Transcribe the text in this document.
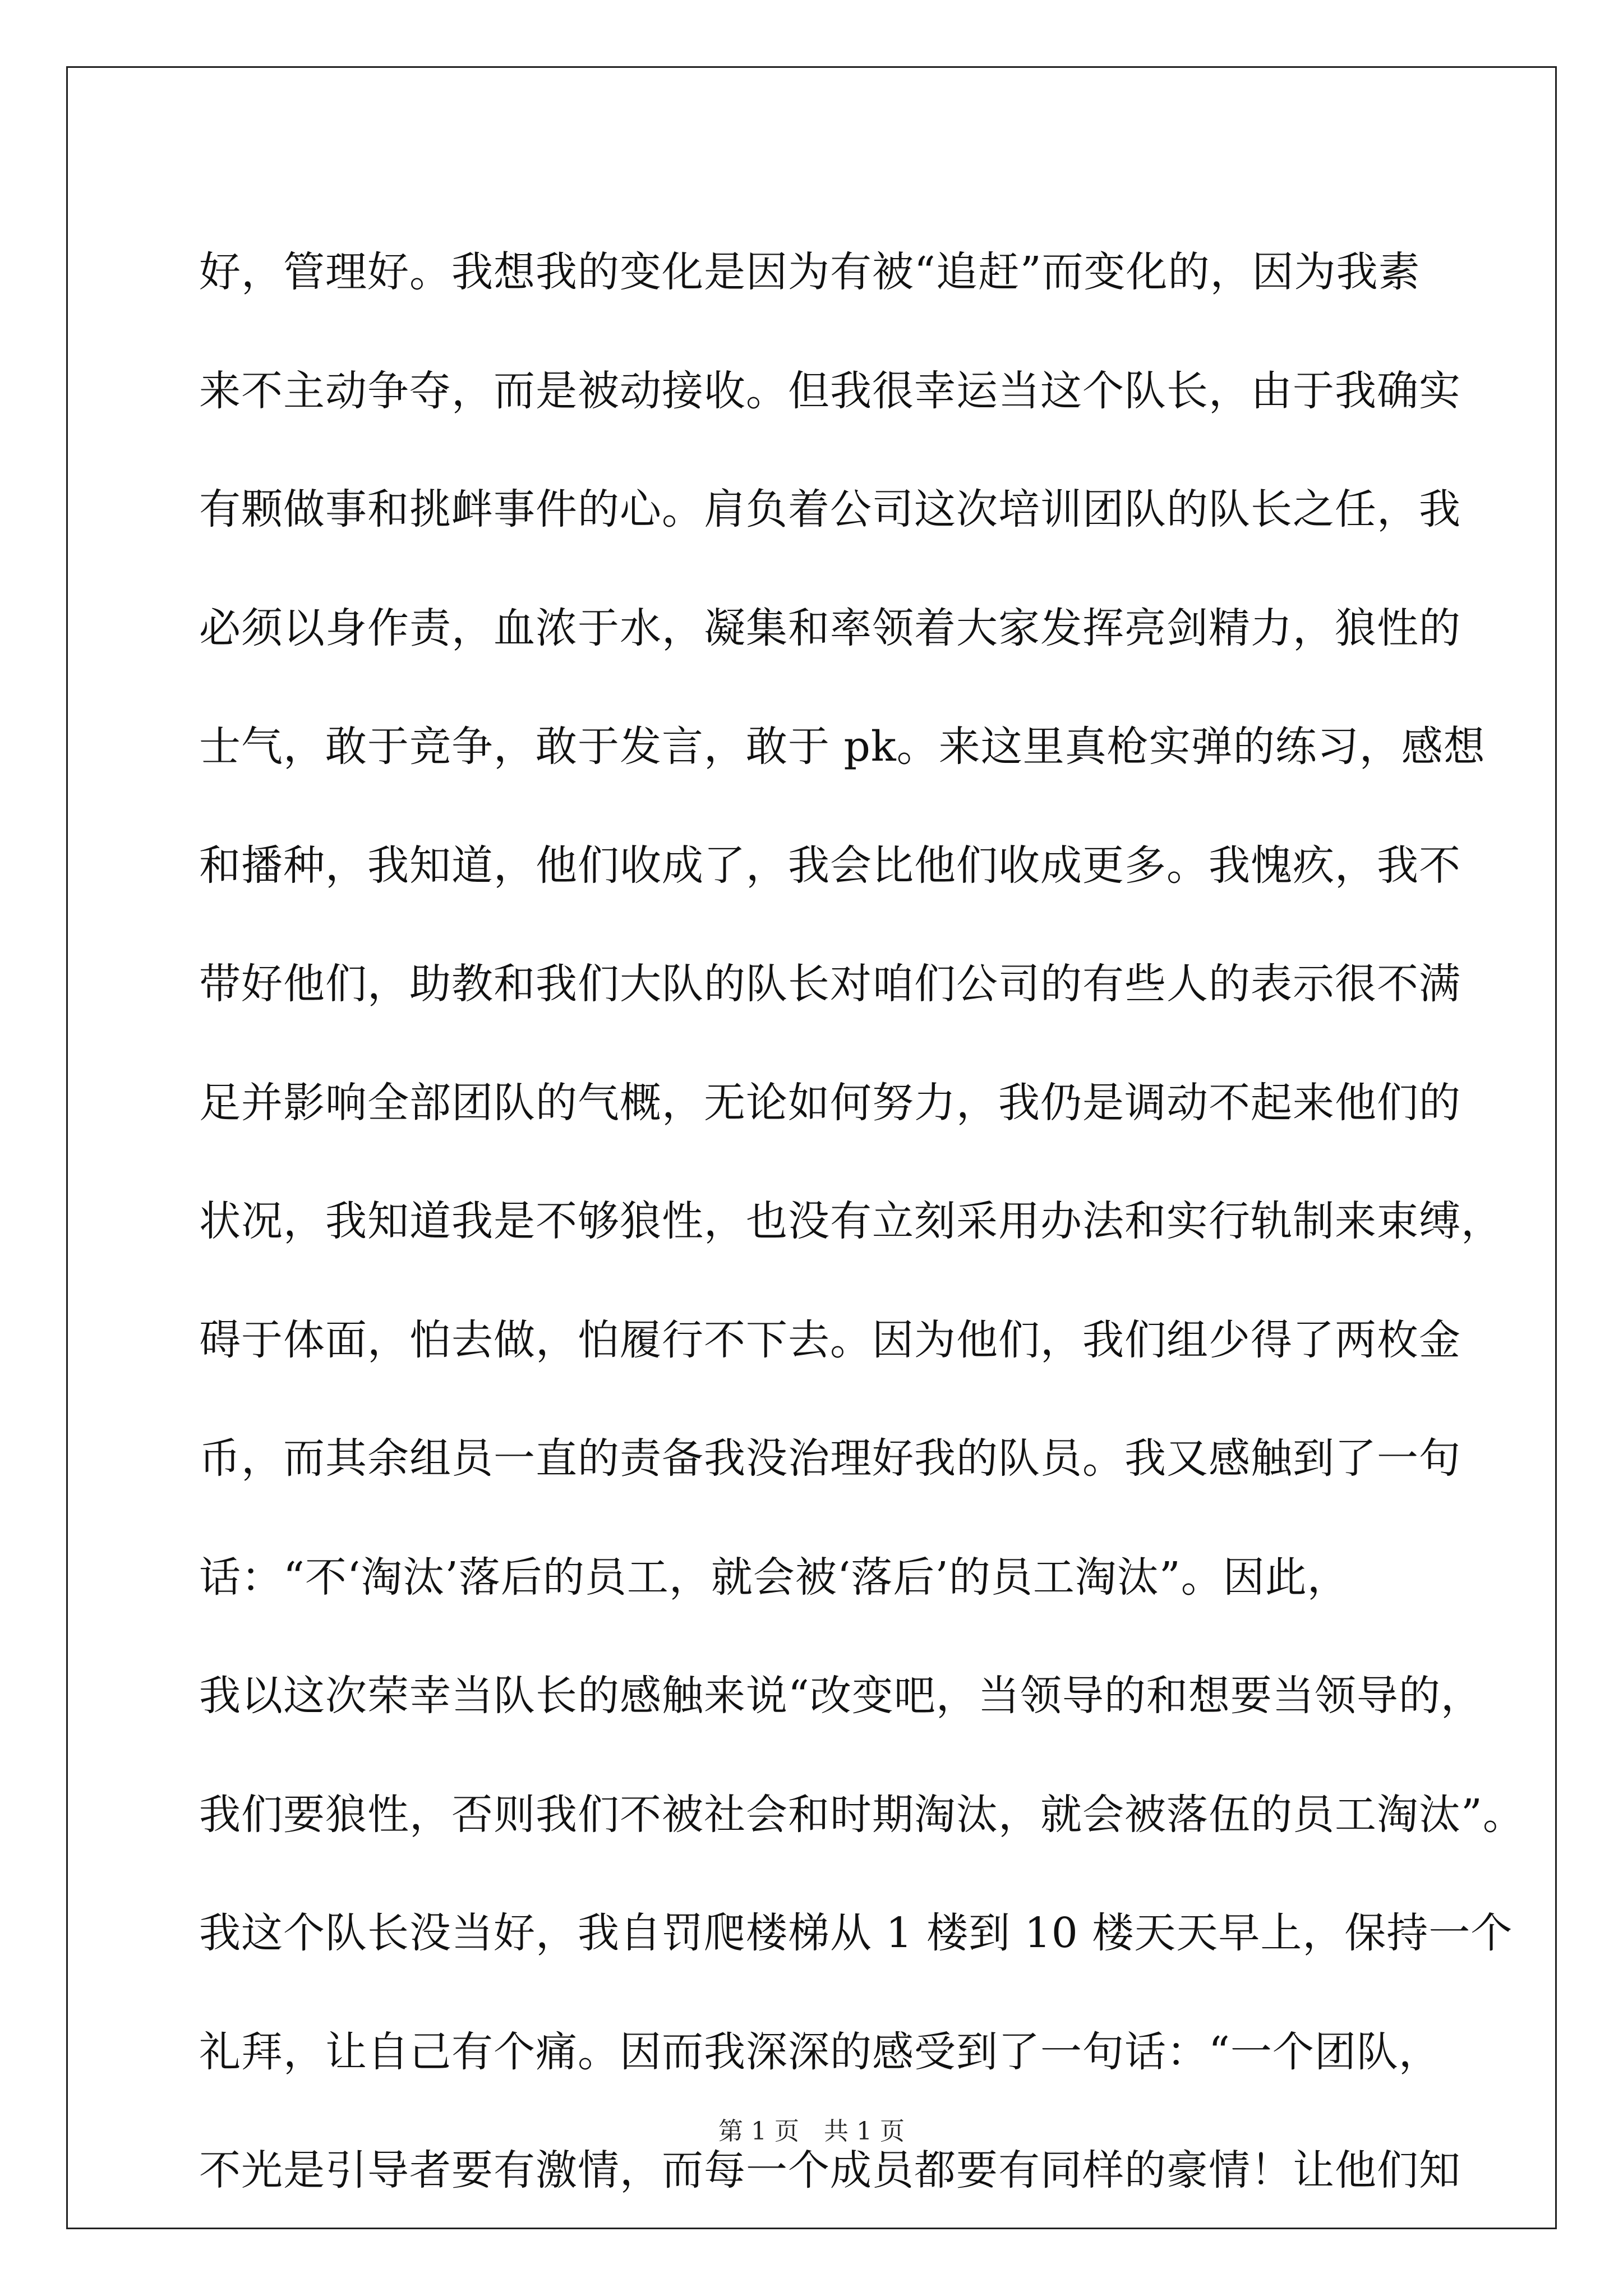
好，管理好。我想我的变化是因为有被“追赶”而变化的，因为我素
来不主动争夺，而是被动接收。但我很幸运当这个队长，由于我确实
有颗做事和挑衅事件的心。肩负着公司这次培训团队的队长之任，我
必须以身作责，血浓于水，凝集和率领着大家发挥亮剑精力，狼性的
士气，敢于竞争，敢于发言，敢于 pk。来这里真枪实弹的练习，感想
和播种，我知道，他们收成了，我会比他们收成更多。我愧疚，我不
带好他们，助教和我们大队的队长对咱们公司的有些人的表示很不满
足并影响全部团队的气概，无论如何努力，我仍是调动不起来他们的
状况，我知道我是不够狼性，也没有立刻采用办法和实行轨制来束缚，
碍于体面，怕去做，怕履行不下去。因为他们，我们组少得了两枚金
币，而其余组员一直的责备我没治理好我的队员。我又感触到了一句
话：“不‘淘汰’落后的员工，就会被‘落后’的员工淘汰”。因此，
我以这次荣幸当队长的感触来说“改变吧，当领导的和想要当领导的，
我们要狼性，否则我们不被社会和时期淘汰，就会被落伍的员工淘汰”。
我这个队长没当好，我自罚爬楼梯从 1 楼到 10 楼天天早上，保持一个
礼拜，让自己有个痛。因而我深深的感受到了一句话：“一个团队，
不光是引导者要有激情，而每一个成员都要有同样的豪情！让他们知
第 1 页 共 1 页
